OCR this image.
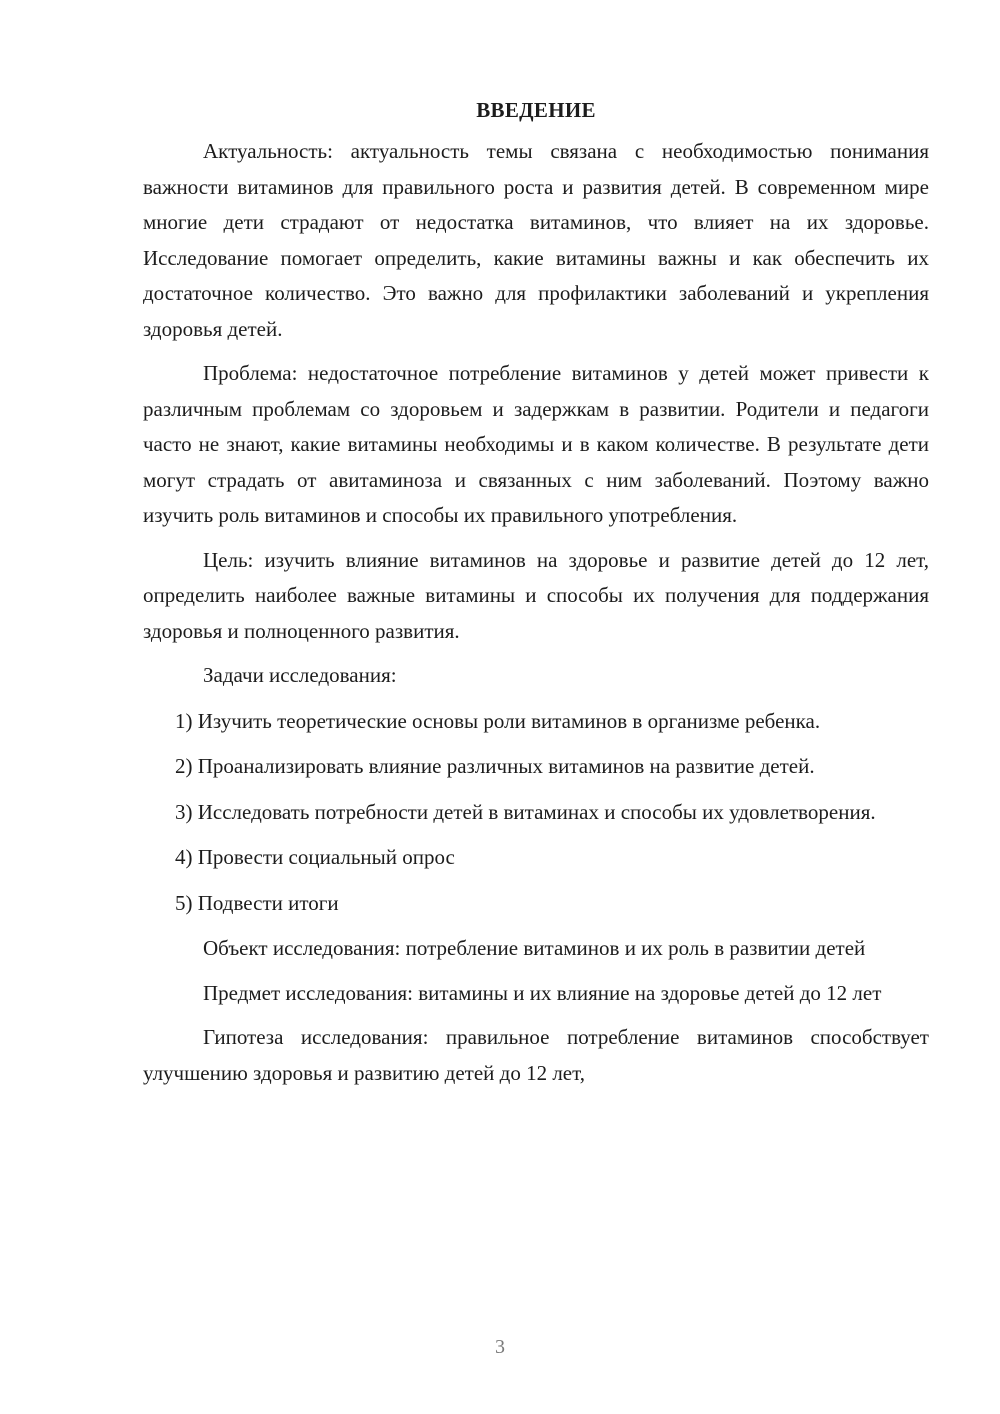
ВВЕДЕНИЕ

Актуальность: актуальность темы связана с необходимостью понимания важности витаминов для правильного роста и развития детей. В современном мире многие дети страдают от недостатка витаминов, что влияет на их здоровье. Исследование помогает определить, какие витамины важны и как обеспечить их достаточное количество. Это важно для профилактики заболеваний и укрепления здоровья детей.

Проблема: недостаточное потребление витаминов у детей может привести к различным проблемам со здоровьем и задержкам в развитии. Родители и педагоги часто не знают, какие витамины необходимы и в каком количестве. В результате дети могут страдать от авитаминоза и связанных с ним заболеваний. Поэтому важно изучить роль витаминов и способы их правильного употребления.

Цель: изучить влияние витаминов на здоровье и развитие детей до 12 лет, определить наиболее важные витамины и способы их получения для поддержания здоровья и полноценного развития.

Задачи исследования:

1) Изучить теоретические основы роли витаминов в организме ребенка.

2) Проанализировать влияние различных витаминов на развитие детей.

3) Исследовать потребности детей в витаминах и способы их удовлетворения.

4) Провести социальный опрос

5) Подвести итоги

Объект исследования: потребление витаминов и их роль в развитии детей

Предмет исследования: витамины и их влияние на здоровье детей до 12 лет

Гипотеза исследования: правильное потребление витаминов способствует улучшению здоровья и развитию детей до 12 лет,

3
